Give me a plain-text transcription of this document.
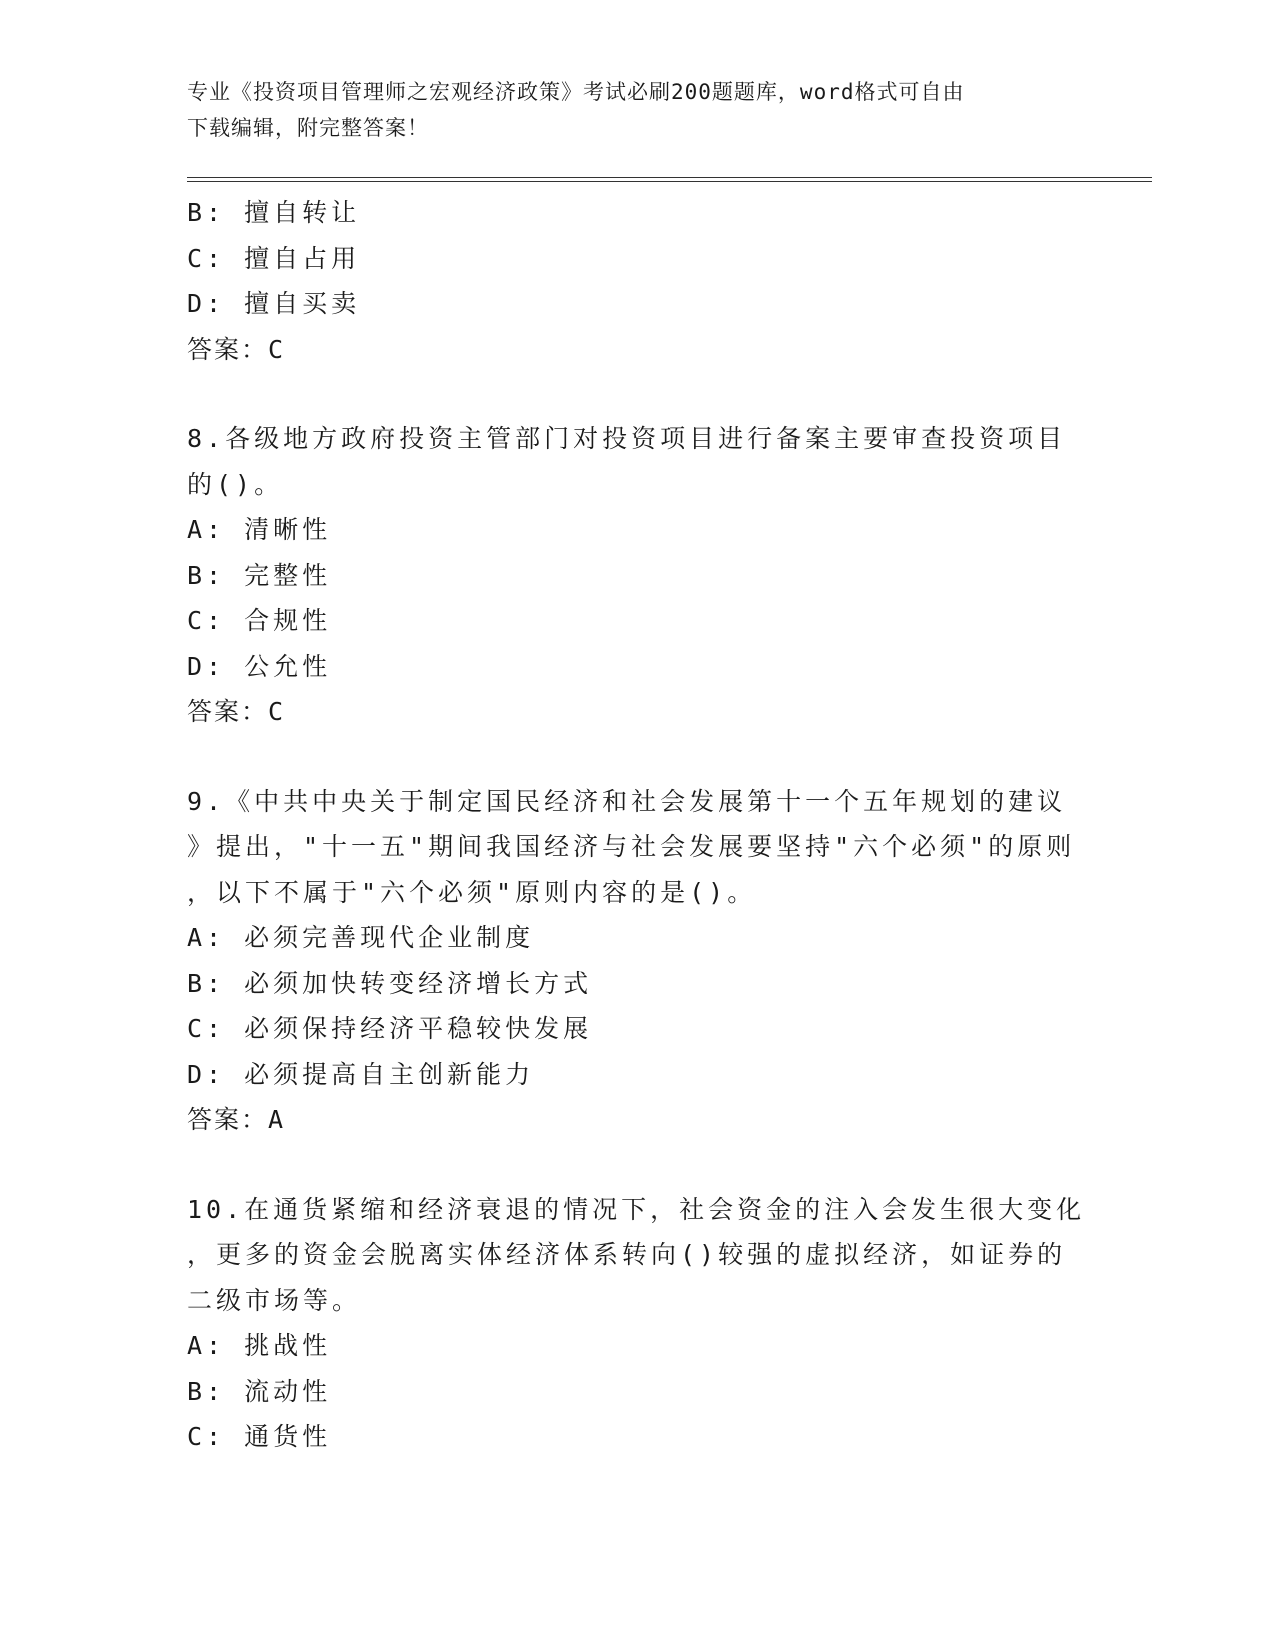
专业《投资项目管理师之宏观经济政策》考试必刷200题题库，word格式可自由
下载编辑，附完整答案！
B: 擅自转让
C: 擅自占用
D: 擅自买卖
答案：C
8.各级地方政府投资主管部门对投资项目进行备案主要审查投资项目
的()。
A: 清晰性
B: 完整性
C: 合规性
D: 公允性
答案：C
9.《中共中央关于制定国民经济和社会发展第十一个五年规划的建议
》提出，"十一五"期间我国经济与社会发展要坚持"六个必须"的原则
，以下不属于"六个必须"原则内容的是()。
A: 必须完善现代企业制度
B: 必须加快转变经济增长方式
C: 必须保持经济平稳较快发展
D: 必须提高自主创新能力
答案：A
10.在通货紧缩和经济衰退的情况下，社会资金的注入会发生很大变化
，更多的资金会脱离实体经济体系转向()较强的虚拟经济，如证券的
二级市场等。
A: 挑战性
B: 流动性
C: 通货性
